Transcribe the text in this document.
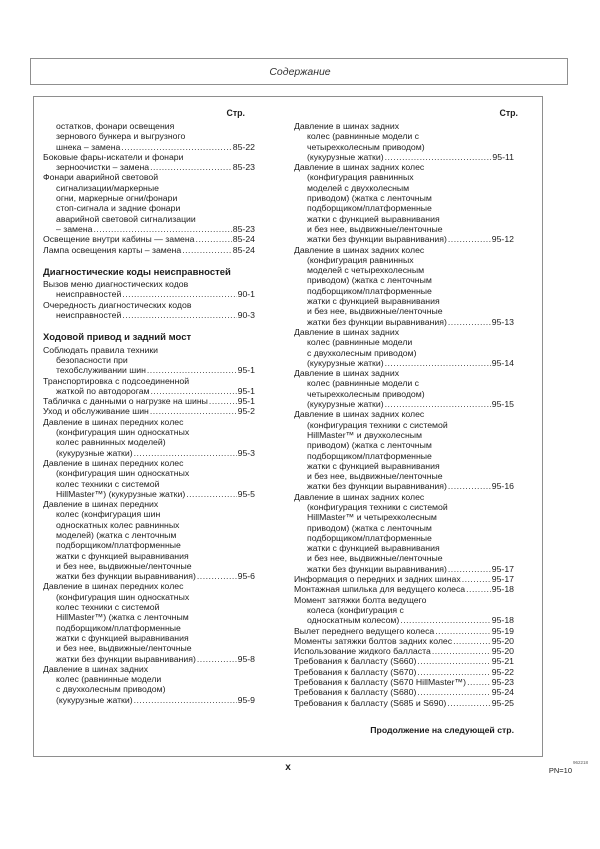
Содержание
Стр.	Стр.
остатков, фонари освещения
зернового бункера и выгрузного
шнека – замена .....	85-22
Боковые фары-искатели и фонари
зерноочистки – замена .....	85-23
Фонари аварийной световой
сигнализации/маркерные
огни, маркерные огни/фонари
стоп-сигнала и задние фонари
аварийной световой сигнализации
– замена .....	85-23
Освещение внутри кабины — замена .....	85-24
Лампа освещения карты – замена .....	85-24
Диагностические коды неисправностей
Вызов меню диагностических кодов
неисправностей .....	90-1
Очередность диагностических кодов
неисправностей .....	90-3
Ходовой привод и задний мост
Соблюдать правила техники
безопасности при
техобслуживании шин .....	95-1
Транспортировка с подсоединенной
жаткой по автодорогам .....	95-1
Табличка с данными о нагрузке на шины .....	95-1
Уход и обслуживание шин .....	95-2
Давление в шинах передних колес
(конфигурация шин односкатных
колес равнинных моделей)
(кукурузные жатки) .....	95-3
Давление в шинах передних колес
(конфигурация шин односкатных
колес техники с системой
HillMaster™) (кукурузные жатки) .....	95-5
Давление в шинах передних
колес (конфигурация шин
односкатных колес равнинных
моделей) (жатка с ленточным
подборщиком/платформенные
жатки с функцией выравнивания
и без нее, выдвижные/ленточные
жатки без функции выравнивания) .....	95-6
Давление в шинах передних колес
(конфигурация шин односкатных
колес техники с системой
HillMaster™) (жатка с ленточным
подборщиком/платформенные
жатки с функцией выравнивания
и без нее, выдвижные/ленточные
жатки без функции выравнивания) .....	95-8
Давление в шинах задних
колес (равнинные модели
с двухколесным приводом)
(кукурузные жатки) .....	95-9
Давление в шинах задних
колес (равнинные модели с
четырехколесным приводом)
(кукурузные жатки) .....	95-11
Давление в шинах задних колес
(конфигурация равнинных
моделей с двухколесным
приводом) (жатка с ленточным
подборщиком/платформенные
жатки с функцией выравнивания
и без нее, выдвижные/ленточные
жатки без функции выравнивания) .....	95-12
Давление в шинах задних колес
(конфигурация равнинных
моделей с четырехколесным
приводом) (жатка с ленточным
подборщиком/платформенные
жатки с функцией выравнивания
и без нее, выдвижные/ленточные
жатки без функции выравнивания) .....	95-13
Давление в шинах задних
колес (равнинные модели
с двухколесным приводом)
(кукурузные жатки) .....	95-14
Давление в шинах задних
колес (равнинные модели с
четырехколесным приводом)
(кукурузные жатки) .....	95-15
Давление в шинах задних колес
(конфигурация техники с системой
HillMaster™ и двухколесным
приводом) (жатка с ленточным
подборщиком/платформенные
жатки с функцией выравнивания
и без нее, выдвижные/ленточные
жатки без функции выравнивания) .....	95-16
Давление в шинах задних колес
(конфигурация техники с системой
HillMaster™ и четырехколесным
приводом) (жатка с ленточным
подборщиком/платформенные
жатки с функцией выравнивания
и без нее, выдвижные/ленточные
жатки без функции выравнивания) .....	95-17
Информация о передних и задних шинах .....	95-17
Монтажная шпилька для ведущего колеса .....	95-18
Момент затяжки болта ведущего
колеса (конфигурация с
односкатным колесом) .....	95-18
Вылет переднего ведущего колеса .....	95-19
Моменты затяжки болтов задних колес .....	95-20
Использование жидкого балласта .....	95-20
Требования к балласту (S660) .....	95-21
Требования к балласту (S670) .....	95-22
Требования к балласту (S670 HillMaster™) .....	95-23
Требования к балласту (S680) .....	95-24
Требования к балласту (S685 и S690) .....	95-25
Продолжение на следующей стр.
x	962218
PN=10
